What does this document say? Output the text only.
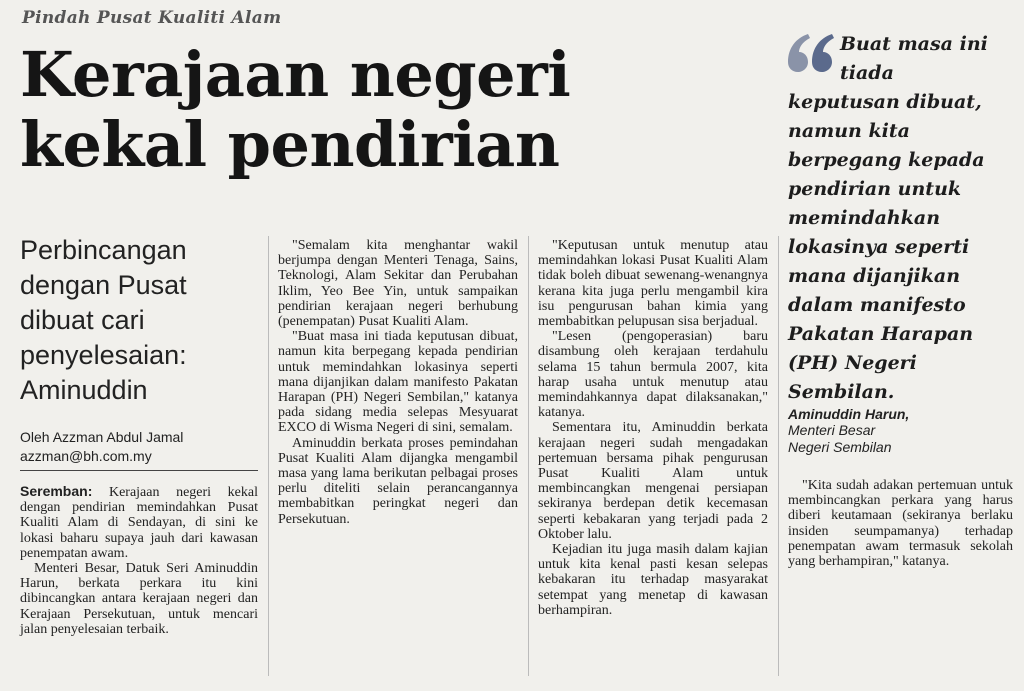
Pindah Pusat Kualiti Alam
Kerajaan negeri
kekal pendirian
Perbincangan dengan Pusat dibuat cari penyelesaian: Aminuddin
Oleh Azzman Abdul Jamal
azzman@bh.com.my

Seremban: Kerajaan negeri kekal dengan pendirian memindahkan Pusat Kualiti Alam di Sendayan, di sini ke lokasi baharu supaya jauh dari kawasan penempatan awam.

Menteri Besar, Datuk Seri Aminuddin Harun, berkata perkara itu kini dibincangkan antara kerajaan negeri dan Kerajaan Persekutuan, untuk mencari jalan penyelesaian terbaik.

"Semalam kita menghantar wakil berjumpa dengan Menteri Tenaga, Sains, Teknologi, Alam Sekitar dan Perubahan Iklim, Yeo Bee Yin, untuk sampaikan pendirian kerajaan negeri berhubung (penempatan) Pusat Kualiti Alam.

"Buat masa ini tiada keputusan dibuat, namun kita berpegang kepada pendirian untuk memindahkan lokasinya seperti mana dijanjikan dalam manifesto Pakatan Harapan (PH) Negeri Sembilan," katanya pada sidang media selepas Mesyuarat EXCO di Wisma Negeri di sini, semalam.

Aminuddin berkata proses pemindahan Pusat Kualiti Alam dijangka mengambil masa yang lama berikutan pelbagai proses perlu diteliti selain perancangannya membabitkan peringkat negeri dan Persekutuan.

"Keputusan untuk menutup atau memindahkan lokasi Pusat Kualiti Alam tidak boleh dibuat sewenang-wenangnya kerana kita juga perlu mengambil kira isu pengurusan bahan kimia yang membabitkan pelupusan sisa berjadual.

"Lesen (pengoperasian) baru disambung oleh kerajaan terdahulu selama 15 tahun bermula 2007, kita harap usaha untuk menutup atau memindahkannya dapat dilaksanakan," katanya.

Sementara itu, Aminuddin berkata kerajaan negeri sudah mengadakan pertemuan bersama pihak pengurusan Pusat Kualiti Alam untuk membincangkan mengenai persiapan sekiranya berdepan detik kecemasan seperti kebakaran yang terjadi pada 2 Oktober lalu.

Kejadian itu juga masih dalam kajian untuk kita kenal pasti kesan selepas kebakaran itu terhadap masyarakat setempat yang menetap di kawasan berhampiran.

"Kita sudah adakan pertemuan untuk membincangkan perkara yang harus diberi keutamaan (sekiranya berlaku insiden seumpamanya) terhadap penempatan awam termasuk sekolah yang berhampiran," katanya.

Buat masa ini tiada
keputusan dibuat, namun kita berpegang kepada pendirian untuk memindahkan lokasinya seperti mana dijanjikan dalam manifesto Pakatan Harapan (PH) Negeri Sembilan.
Aminuddin Harun,
Menteri Besar
Negeri Sembilan
